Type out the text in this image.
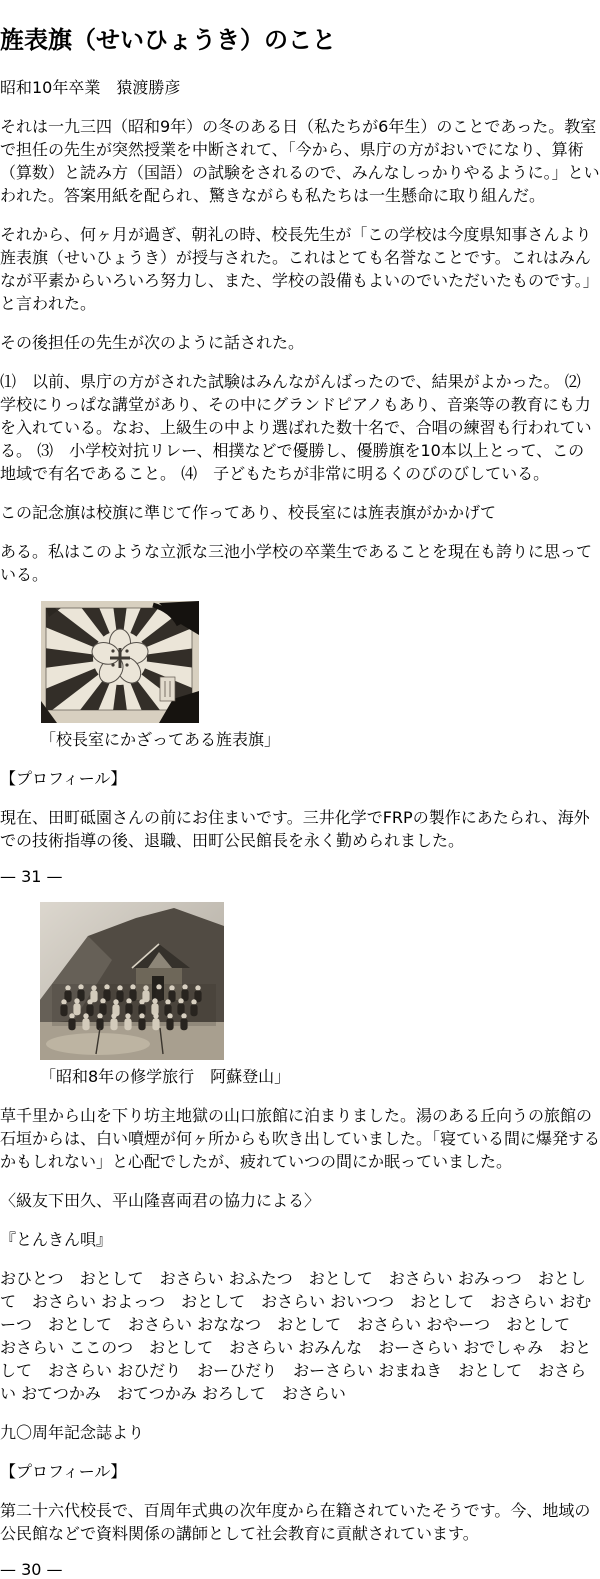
旌表旗（せいひょうき）のこと

昭和10年卒業　猿渡勝彦

それは一九三四（昭和9年）の冬のある日（私たちが6年生）のことであった。教室で担任の先生が突然授業を中断されて、「今から、県庁の方がおいでになり、算術（算数）と読み方（国語）の試験をされるので、みんなしっかりやるように。」といわれた。答案用紙を配られ、驚きながらも私たちは一生懸命に取り組んだ。

それから、何ヶ月が過ぎ、朝礼の時、校長先生が「この学校は今度県知事さんより旌表旗（せいひょうき）が授与された。これはとても名誉なことです。これはみんなが平素からいろいろ努力し、また、学校の設備もよいのでいただいたものです。」と言われた。

その後担任の先生が次のように話された。

⑴　以前、県庁の方がされた試験はみんながんばったので、結果がよかった。 ⑵　学校にりっぱな講堂があり、その中にグランドピアノもあり、音楽等の教育にも力を入れている。なお、上級生の中より選ばれた数十名で、合唱の練習も行われている。 ⑶　小学校対抗リレー、相撲などで優勝し、優勝旗を10本以上とって、この地域で有名であること。 ⑷　子どもたちが非常に明るくのびのびしている。

この記念旗は校旗に準じて作ってあり、校長室には旌表旗がかかげて

ある。私はこのような立派な三池小学校の卒業生であることを現在も誇りに思っている。

「校長室にかざってある旌表旗」

【プロフィール】

現在、田町砥園さんの前にお住まいです。三井化学でFRPの製作にあたられ、海外での技術指導の後、退職、田町公民館長を永く勤められました。

— 31 —
「昭和8年の修学旅行　阿蘇登山」

草千里から山を下り坊主地獄の山口旅館に泊まりました。湯のある丘向うの旅館の石垣からは、白い噴煙が何ヶ所からも吹き出していました。「寝ている間に爆発するかもしれない」と心配でしたが、疲れていつの間にか眠っていました。

〈級友下田久、平山隆喜両君の協力による〉

『とんきん唄』

おひとつ　おとして　おさらい おふたつ　おとして　おさらい おみっつ　おとして　おさらい およっつ　おとして　おさらい おいつつ　おとして　おさらい おむーつ　おとして　おさらい おななつ　おとして　おさらい おやーつ　おとして　おさらい ここのつ　おとして　おさらい おみんな　おーさらい おでしゃみ　おとして　おさらい おひだり　おーひだり　おーさらい おまねき　おとして　おさらい おてつかみ　おてつかみ おろして　おさらい

九〇周年記念誌より

【プロフィール】

第二十六代校長で、百周年式典の次年度から在籍されていたそうです。今、地域の公民館などで資料関係の講師として社会教育に貢献されています。

— 30 —
